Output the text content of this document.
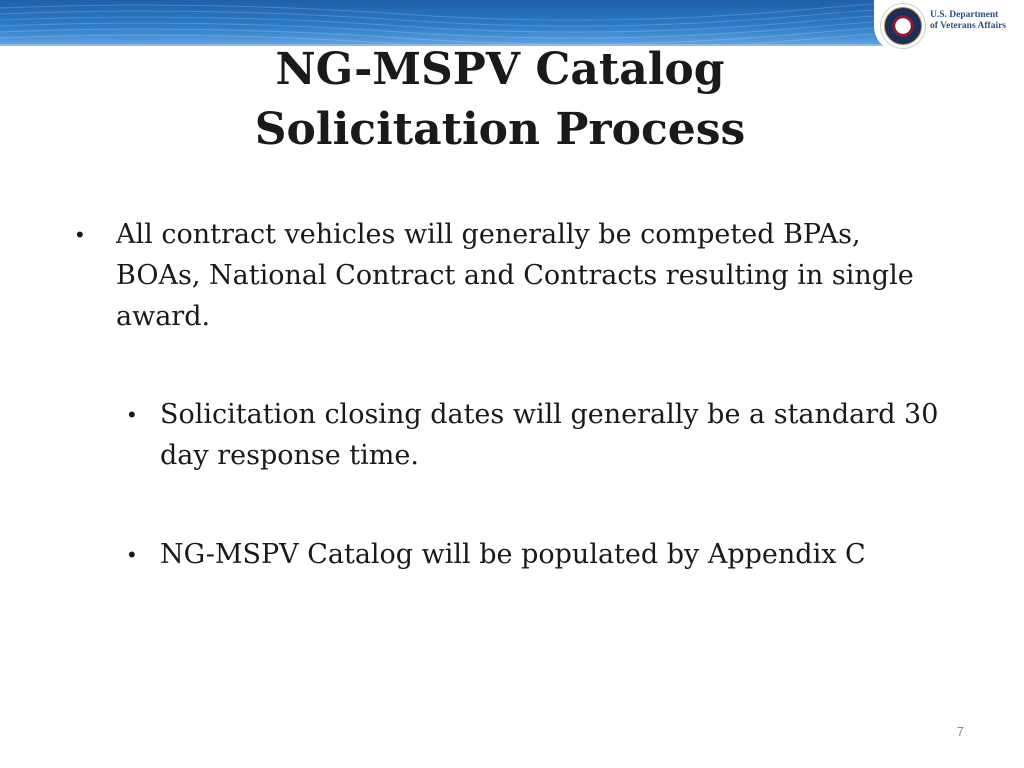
U.S. Department
of Veterans Affairs
NG-MSPV Catalog
Solicitation Process
• All contract vehicles will generally be competed BPAs, BOAs, National Contract and Contracts resulting in single award.
• Solicitation closing dates will generally be a standard 30 day response time.
• NG-MSPV Catalog will be populated by Appendix C
7
